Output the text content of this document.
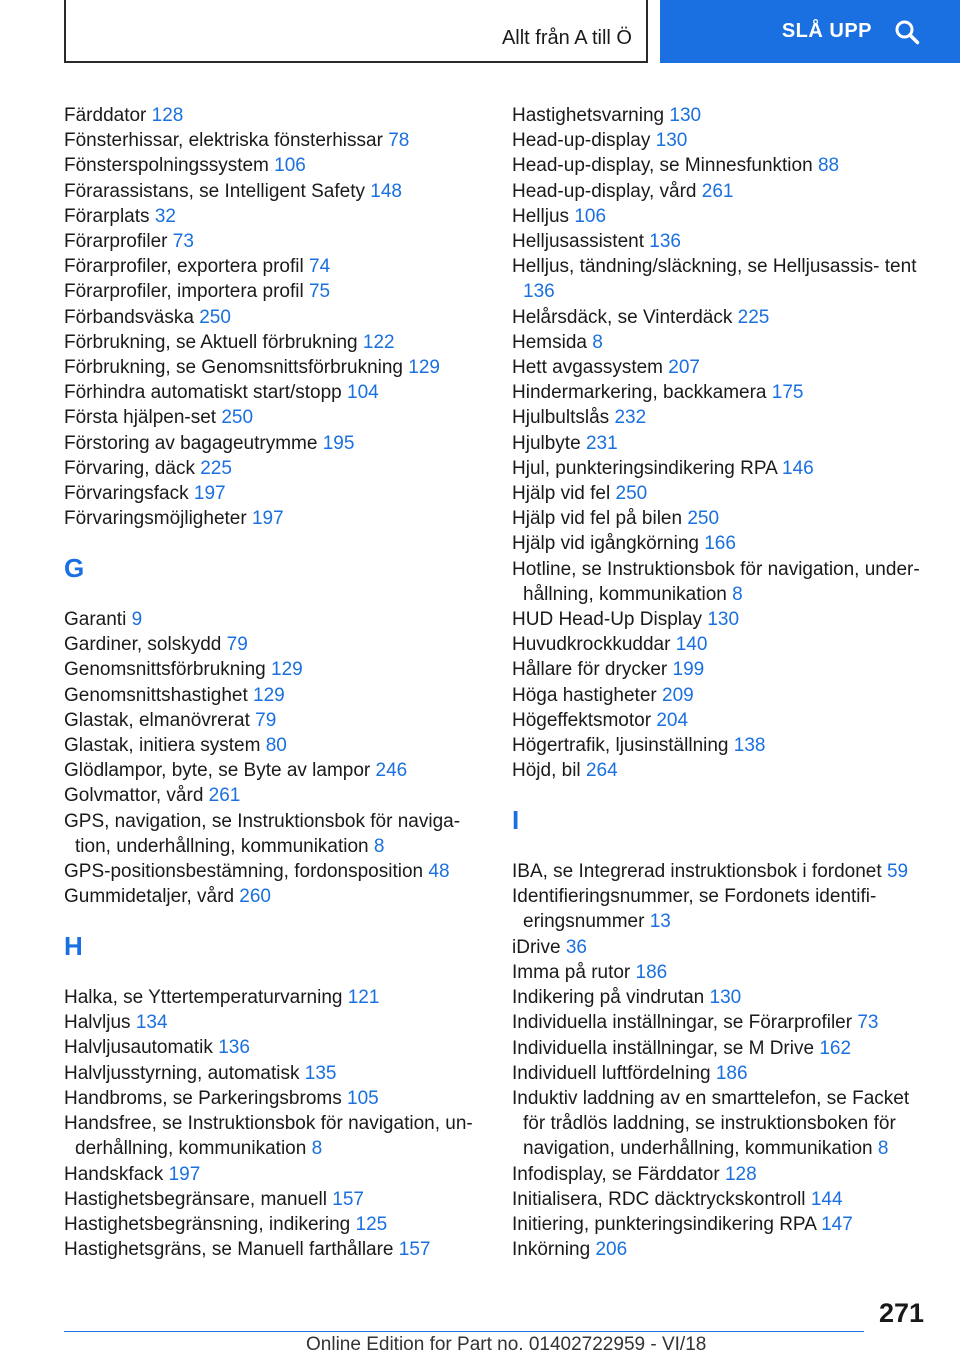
Allt från A till Ö	SLÅ UPP
Färddator 128
Fönsterhissar, elektriska fönsterhissar 78
Fönsterspolningssystem 106
Förarassistans, se Intelligent Safety 148
Förarplats 32
Förarprofiler 73
Förarprofiler, exportera profil 74
Förarprofiler, importera profil 75
Förbandsväska 250
Förbrukning, se Aktuell förbrukning 122
Förbrukning, se Genomsnittsförbrukning 129
Förhindra automatiskt start/stopp 104
Första hjälpen-set 250
Förstoring av bagageutrymme 195
Förvaring, däck 225
Förvaringsfack 197
Förvaringsmöjligheter 197
G
Garanti 9
Gardiner, solskydd 79
Genomsnittsförbrukning 129
Genomsnittshastighet 129
Glastak, elmanövrerat 79
Glastak, initiera system 80
Glödlampor, byte, se Byte av lampor 246
Golvmattor, vård 261
GPS, navigation, se Instruktionsbok för naviga- tion, underhållning, kommunikation 8
GPS-positionsbestämning, fordonsposition 48
Gummidetaljer, vård 260
H
Halka, se Yttertemperaturvarning 121
Halvljus 134
Halvljusautomatik 136
Halvljusstyrning, automatisk 135
Handbroms, se Parkeringsbroms 105
Handsfree, se Instruktionsbok för navigation, un- derhållning, kommunikation 8
Handskfack 197
Hastighetsbegränsare, manuell 157
Hastighetsbegränsning, indikering 125
Hastighetsgräns, se Manuell farthållare 157
Hastighetsvarning 130
Head-up-display 130
Head-up-display, se Minnesfunktion 88
Head-up-display, vård 261
Helljus 106
Helljusassistent 136
Helljus, tändning/släckning, se Helljusassis- tent 136
Helårsdäck, se Vinterdäck 225
Hemsida 8
Hett avgassystem 207
Hindermarkering, backkamera 175
Hjulbultslås 232
Hjulbyte 231
Hjul, punkteringsindikering RPA 146
Hjälp vid fel 250
Hjälp vid fel på bilen 250
Hjälp vid igångkörning 166
Hotline, se Instruktionsbok för navigation, under- hållning, kommunikation 8
HUD Head-Up Display 130
Huvudkrockkuddar 140
Hållare för drycker 199
Höga hastigheter 209
Högeffektsmotor 204
Högertrafik, ljusinställning 138
Höjd, bil 264
I
IBA, se Integrerad instruktionsbok i fordonet 59
Identifieringsnummer, se Fordonets identifi- eringsnummer 13
iDrive 36
Imma på rutor 186
Indikering på vindrutan 130
Individuella inställningar, se Förarprofiler 73
Individuella inställningar, se M Drive 162
Individuell luftfördelning 186
Induktiv laddning av en smarttelefon, se Facket för trådlös laddning, se instruktionsboken för navigation, underhållning, kommunikation 8
Infodisplay, se Färddator 128
Initialisera, RDC däcktryckskontroll 144
Initiering, punkteringsindikering RPA 147
Inkörning 206
271
Online Edition for Part no. 01402722959 - VI/18
